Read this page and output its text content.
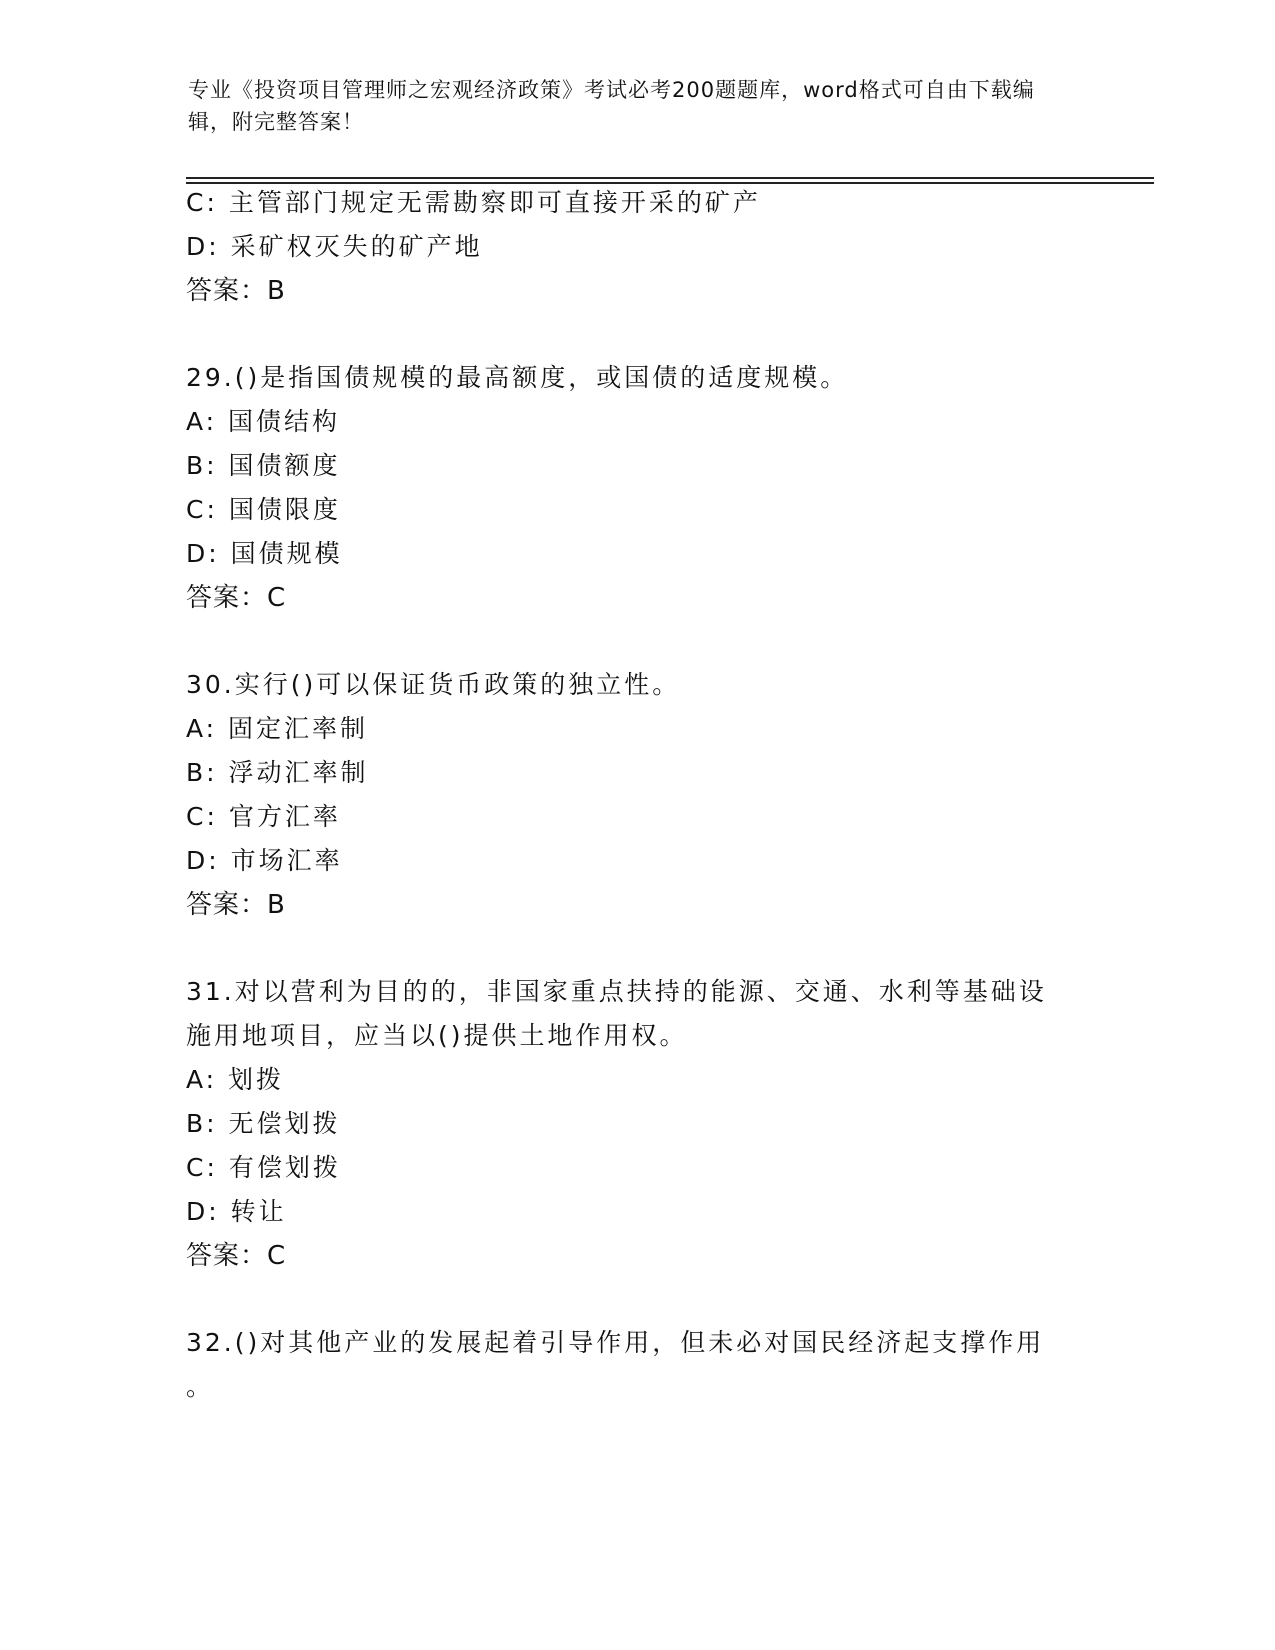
专业《投资项目管理师之宏观经济政策》考试必考200题题库，word格式可自由下载编辑，附完整答案！
C: 主管部门规定无需勘察即可直接开采的矿产
D: 采矿权灭失的矿产地
答案：B
29.()是指国债规模的最高额度，或国债的适度规模。
A: 国债结构
B: 国债额度
C: 国债限度
D: 国债规模
答案：C
30.实行()可以保证货币政策的独立性。
A: 固定汇率制
B: 浮动汇率制
C: 官方汇率
D: 市场汇率
答案：B
31.对以营利为目的的，非国家重点扶持的能源、交通、水利等基础设
施用地项目，应当以()提供土地作用权。
A: 划拨
B: 无偿划拨
C: 有偿划拨
D: 转让
答案：C
32.()对其他产业的发展起着引导作用，但未必对国民经济起支撑作用
。
